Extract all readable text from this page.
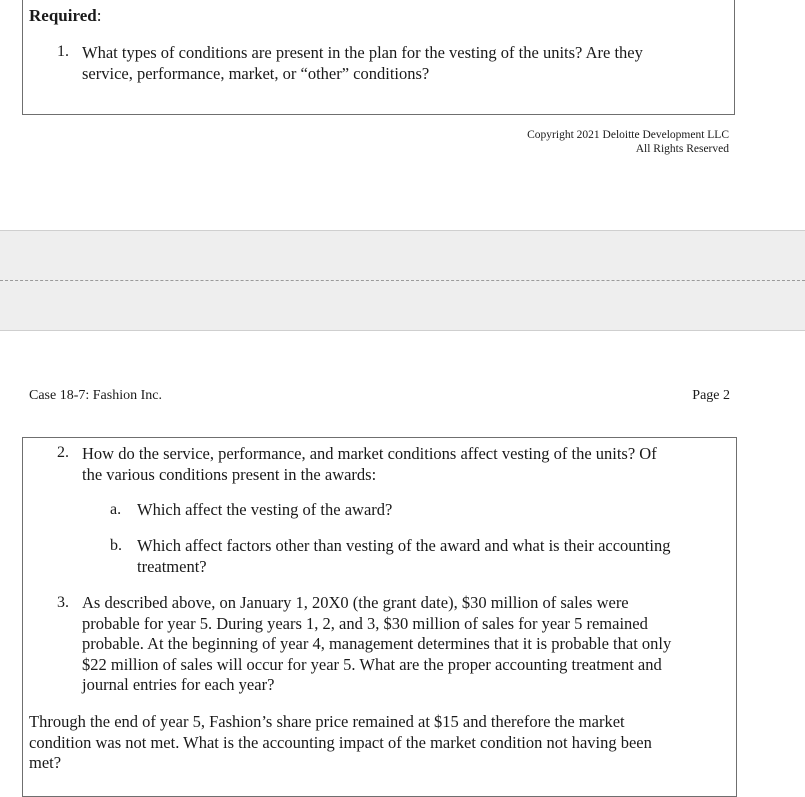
Required:
1. What types of conditions are present in the plan for the vesting of the units? Are they
service, performance, market, or “other” conditions?
Copyright 2021 Deloitte Development LLC
All Rights Reserved
Case 18-7: Fashion Inc.	Page 2
2. How do the service, performance, and market conditions affect vesting of the units? Of
the various conditions present in the awards:
a. Which affect the vesting of the award?
b. Which affect factors other than vesting of the award and what is their accounting
treatment?
3. As described above, on January 1, 20X0 (the grant date), $30 million of sales were
probable for year 5. During years 1, 2, and 3, $30 million of sales for year 5 remained
probable. At the beginning of year 4, management determines that it is probable that only
$22 million of sales will occur for year 5. What are the proper accounting treatment and
journal entries for each year?
Through the end of year 5, Fashion’s share price remained at $15 and therefore the market
condition was not met. What is the accounting impact of the market condition not having been
met?
